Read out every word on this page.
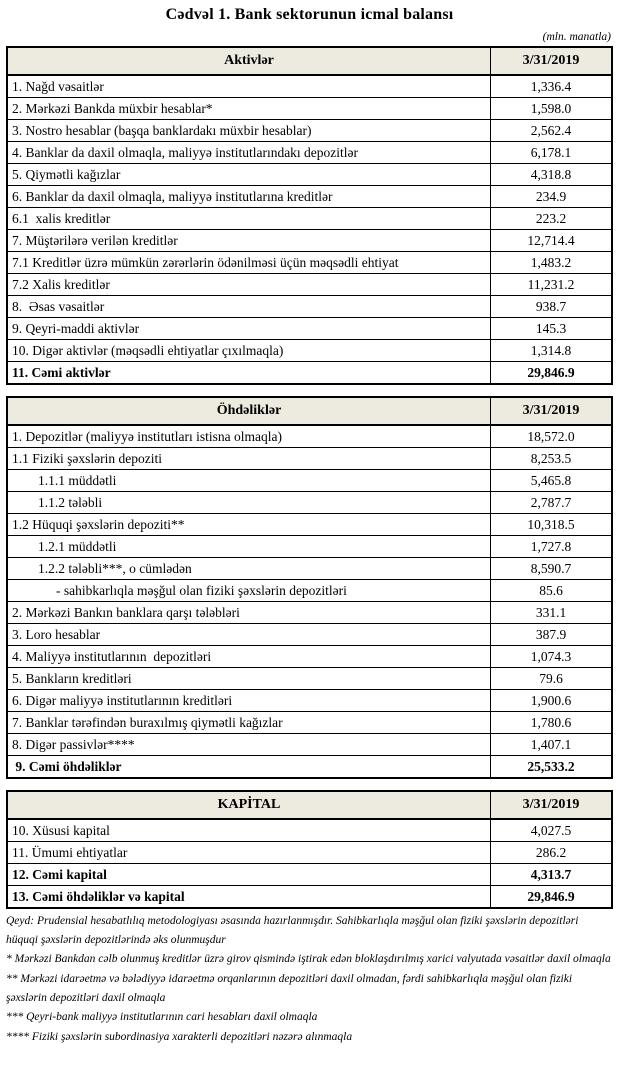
Cədvəl 1. Bank sektorunun icmal balansı
(mln. manatla)
Aktivlər	3/31/2019
1. Nağd vəsaitlər	1,336.4
2. Mərkəzi Bankda müxbir hesablar*	1,598.0
3. Nostro hesablar (başqa banklardakı müxbir hesablar)	2,562.4
4. Banklar da daxil olmaqla, maliyyə institutlarındakı depozitlər	6,178.1
5. Qiymətli kağızlar	4,318.8
6. Banklar da daxil olmaqla, maliyyə institutlarına kreditlər	234.9
6.1  xalis kreditlər	223.2
7. Müştərilərə verilən kreditlər	12,714.4
7.1 Kreditlər üzrə mümkün zərərlərin ödənilməsi üçün məqsədli ehtiyat	1,483.2
7.2 Xalis kreditlər	11,231.2
8.  Əsas vəsaitlər	938.7
9. Qeyri-maddi aktivlər	145.3
10. Digər aktivlər (məqsədli ehtiyatlar çıxılmaqla)	1,314.8
11. Cəmi aktivlər	29,846.9
Öhdəliklər	3/31/2019
1. Depozitlər (maliyyə institutları istisna olmaqla)	18,572.0
1.1 Fiziki şəxslərin depoziti	8,253.5
1.1.1 müddətli	5,465.8
1.1.2 tələbli	2,787.7
1.2 Hüquqi şəxslərin depoziti**	10,318.5
1.2.1 müddətli	1,727.8
1.2.2 tələbli***, o cümlədən	8,590.7
- sahibkarlıqla məşğul olan fiziki şəxslərin depozitləri	85.6
2. Mərkəzi Bankın banklara qarşı tələbləri	331.1
3. Loro hesablar	387.9
4. Maliyyə institutlarının  depozitləri	1,074.3
5. Bankların kreditləri	79.6
6. Digər maliyyə institutlarının kreditləri	1,900.6
7. Banklar tərəfindən buraxılmış qiymətli kağızlar	1,780.6
8. Digər passivlər****	1,407.1
9. Cəmi öhdəliklər	25,533.2
KAPİTAL	3/31/2019
10. Xüsusi kapital	4,027.5
11. Ümumi ehtiyatlar	286.2
12. Cəmi kapital	4,313.7
13. Cəmi öhdəliklər və kapital	29,846.9
Qeyd: Prudensial hesabatlılıq metodologiyası əsasında hazırlanmışdır. Sahibkarlıqla məşğul olan fiziki şəxslərin depozitləri hüquqi şəxslərin depozitlərində əks olunmuşdur
* Mərkəzi Bankdan cəlb olunmuş kreditlər üzrə girov qismində iştirak edən bloklaşdırılmış xarici valyutada vəsaitlər daxil olmaqla
** Mərkəzi idarəetmə və bələdiyyə idarəetmə orqanlarının depozitləri daxil olmadan, fərdi sahibkarlıqla məşğul olan fiziki şəxslərin depozitləri daxil olmaqla
*** Qeyri-bank maliyyə institutlarının cari hesabları daxil olmaqla
**** Fiziki şəxslərin subordinasiya xarakterli depozitləri nəzərə alınmaqla
